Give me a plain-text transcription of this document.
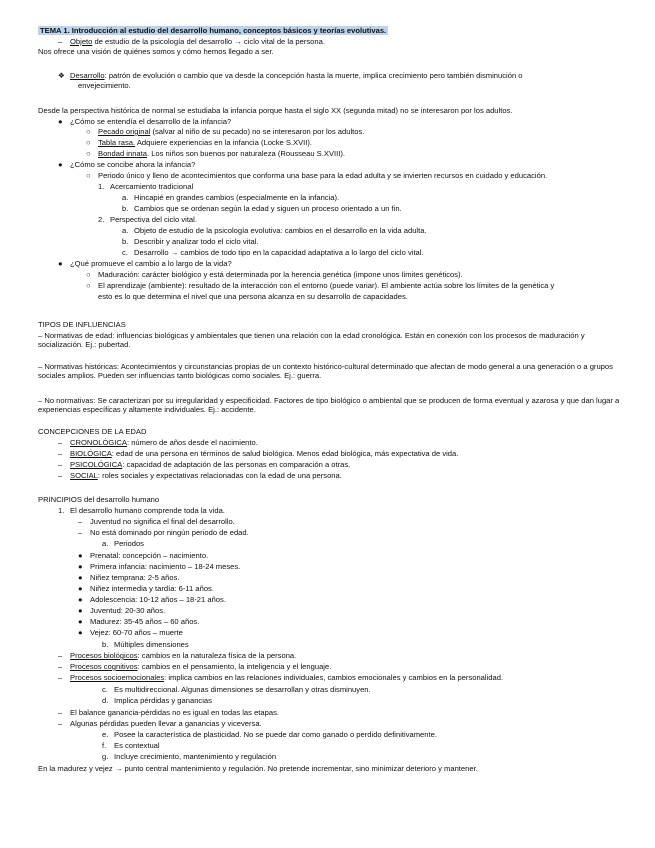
TEMA 1. Introducción al estudio del desarrollo humano, conceptos básicos y teorías evolutivas.
– Objeto de estudio de la psicología del desarrollo → ciclo vital de la persona.
Nos ofrece una visión de quiénes somos y cómo hemos llegado a ser.
❖ Desarrollo: patrón de evolución o cambio que va desde la concepción hasta la muerte, implica crecimiento pero también disminución o
envejecimiento.
Desde la perspectiva histórica de normal se estudiaba la infancia porque hasta el siglo XX (segunda mitad) no se interesaron por los adultos.
● ¿Cómo se entendía el desarrollo de la infancia?
○ Pecado original (salvar al niño de su pecado) no se interesaron por los adultos.
○ Tabla rasa. Adquiere experiencias en la infancia (Locke S.XVII).
○ Bondad innata. Los niños son buenos por naturaleza (Rousseau S.XVIII).
● ¿Cómo se concibe ahora la infancia?
○ Periodo único y lleno de acontecimientos que conforma una base para la edad adulta y se invierten recursos en cuidado y educación.
1. Acercamiento tradicional
a. Hincapié en grandes cambios (especialmente en la infancia).
b. Cambios que se ordenan según la edad y siguen un proceso orientado a un fin.
2. Perspectiva del ciclo vital.
a. Objeto de estudio de la psicología evolutiva: cambios en el desarrollo en la vida adulta.
b. Describir y analizar todo el ciclo vital.
c. Desarrollo → cambios de todo tipo en la capacidad adaptativa a lo largo del ciclo vital.
● ¿Qué promueve el cambio a lo largo de la vida?
○ Maduración: carácter biológico y está determinada por la herencia genética (impone unos límites genéticos).
○ El aprendizaje (ambiente): resultado de la interacción con el entorno (puede variar). El ambiente actúa sobre los límites de la genética y
esto es lo que determina el nivel que una persona alcanza en su desarrollo de capacidades.
TIPOS DE INFLUENCIAS
– Normativas de edad: influencias biológicas y ambientales que tienen una relación con la edad cronológica. Están en conexión con los procesos de maduración y socialización. Ej.: pubertad.
– Normativas históricas: Acontecimientos y circunstancias propias de un contexto histórico-cultural determinado que afectan de modo general a una generación o a grupos sociales amplios. Pueden ser influencias tanto biológicas como sociales. Ej.: guerra.
– No normativas: Se caracterizan por su irregularidad y especificidad. Factores de tipo biológico o ambiental que se producen de forma eventual y azarosa y que dan lugar a experiencias específicas y altamente individuales. Ej.: accidente.
CONCEPCIONES DE LA EDAD
– CRONOLÓGICA: número de años desde el nacimiento.
– BIOLÓGICA: edad de una persona en términos de salud biológica. Menos edad biológica, más expectativa de vida.
– PSICOLÓGICA: capacidad de adaptación de las personas en comparación a otras.
– SOCIAL: roles sociales y expectativas relacionadas con la edad de una persona.
PRINCIPIOS del desarrollo humano
1. El desarrollo humano comprende toda la vida.
– Juventud no significa el final del desarrollo.
– No está dominado por ningún periodo de edad.
a. Periodos
● Prenatal: concepción – nacimiento.
● Primera infancia: nacimiento – 18-24 meses.
● Niñez temprana: 2-5 años.
● Niñez intermedia y tardía: 6-11 años.
● Adolescencia: 10-12 años – 18-21 años.
● Juventud: 20-30 años.
● Madurez: 35-45 años – 60 años.
● Vejez: 60-70 años – muerte
b. Múltiples dimensiones
– Procesos biológicos: cambios en la naturaleza física de la persona.
– Procesos cognitivos: cambios en el pensamiento, la inteligencia y el lenguaje.
– Procesos socioemocionales: implica cambios en las relaciones individuales, cambios emocionales y cambios en la personalidad.
c. Es multidireccional. Algunas dimensiones se desarrollan y otras disminuyen.
d. Implica pérdidas y ganancias
– El balance ganancia-pérdidas no es igual en todas las etapas.
– Algunas pérdidas pueden llevar a ganancias y viceversa.
e. Posee la característica de plasticidad. No se puede dar como ganado o perdido definitivamente.
f. Es contextual
g. Incluye crecimiento, mantenimiento y regulación
En la madurez y vejez → punto central mantenimiento y regulación. No pretende incrementar, sino minimizar deterioro y mantener.
